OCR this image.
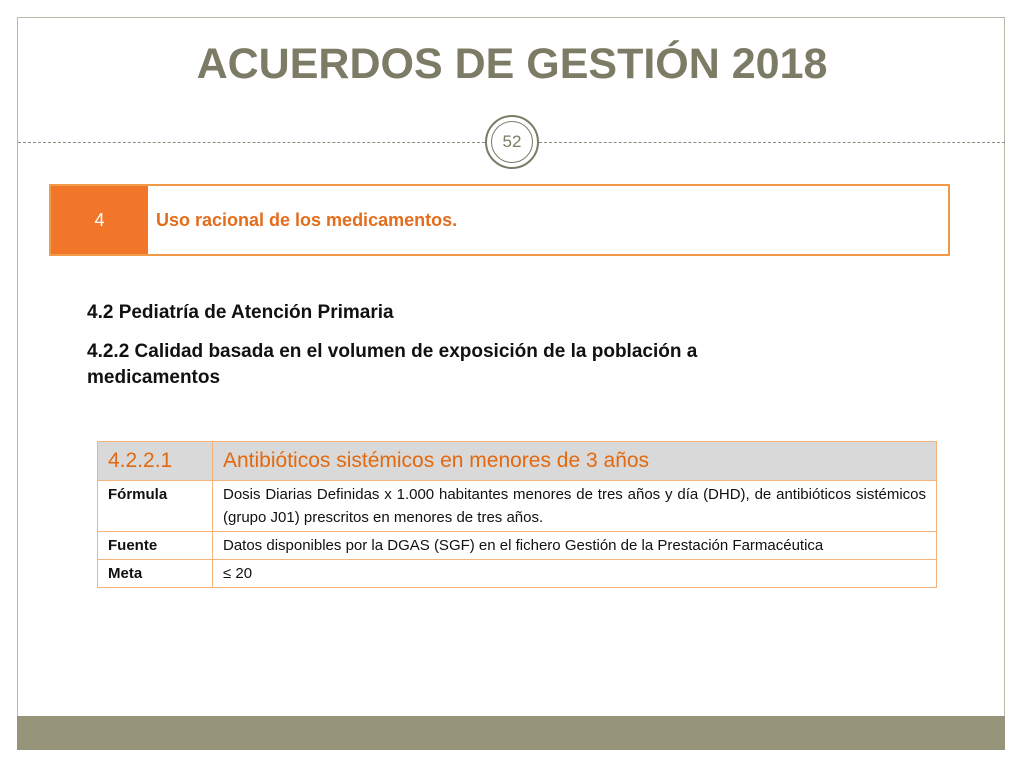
ACUERDOS DE GESTIÓN 2018
52
4	Uso racional de los medicamentos.
4.2 Pediatría de Atención Primaria
4.2.2 Calidad basada en el volumen de exposición de la población a medicamentos
4.2.2.1	Antibióticos sistémicos en menores de 3 años
Fórmula	Dosis Diarias Definidas x 1.000 habitantes menores de tres años y día (DHD), de antibióticos sistémicos (grupo J01) prescritos en menores de tres años.
Fuente	Datos disponibles por la DGAS (SGF) en el fichero Gestión de la Prestación Farmacéutica
Meta	≤ 20
